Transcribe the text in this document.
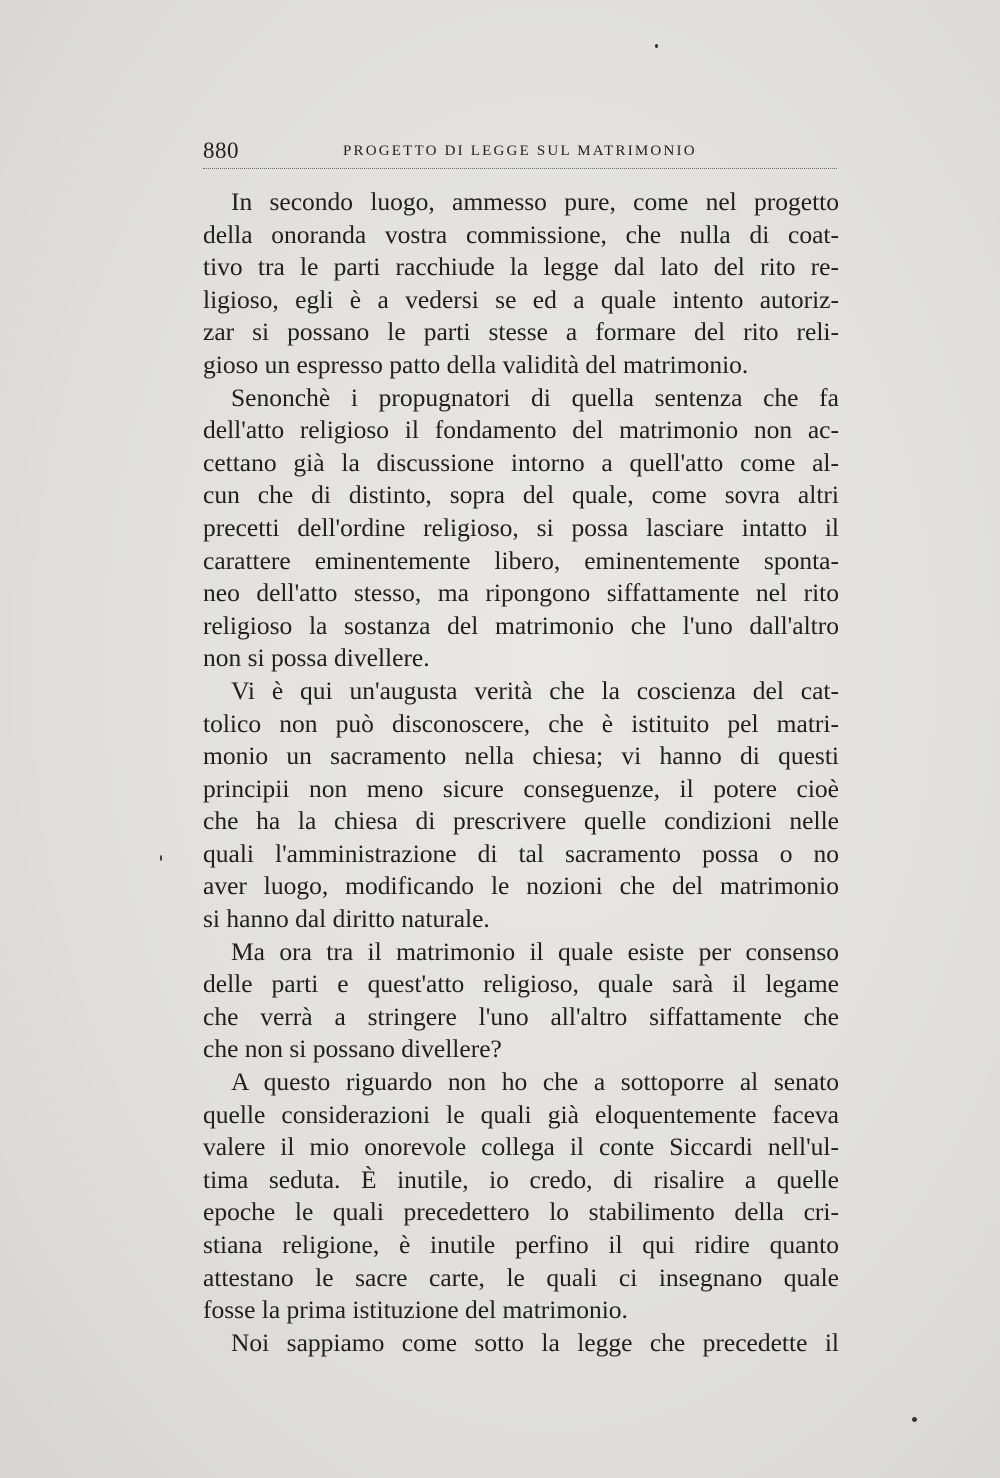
880	PROGETTO DI LEGGE SUL MATRIMONIO
In secondo luogo, ammesso pure, come nel progetto
della onoranda vostra commissione, che nulla di coat-
tivo tra le parti racchiude la legge dal lato del rito re-
ligioso, egli è a vedersi se ed a quale intento autoriz-
zar si possano le parti stesse a formare del rito reli-
gioso un espresso patto della validità del matrimonio.
Senonchè i propugnatori di quella sentenza che fa
dell'atto religioso il fondamento del matrimonio non ac-
cettano già la discussione intorno a quell'atto come al-
cun che di distinto, sopra del quale, come sovra altri
precetti dell'ordine religioso, si possa lasciare intatto il
carattere eminentemente libero, eminentemente sponta-
neo dell'atto stesso, ma ripongono siffattamente nel rito
religioso la sostanza del matrimonio che l'uno dall'altro
non si possa divellere.
Vi è qui un'augusta verità che la coscienza del cat-
tolico non può disconoscere, che è istituito pel matri-
monio un sacramento nella chiesa; vi hanno di questi
principii non meno sicure conseguenze, il potere cioè
che ha la chiesa di prescrivere quelle condizioni nelle
quali l'amministrazione di tal sacramento possa o no
aver luogo, modificando le nozioni che del matrimonio
si hanno dal diritto naturale.
Ma ora tra il matrimonio il quale esiste per consenso
delle parti e quest'atto religioso, quale sarà il legame
che verrà a stringere l'uno all'altro siffattamente che
che non si possano divellere?
A questo riguardo non ho che a sottoporre al senato
quelle considerazioni le quali già eloquentemente faceva
valere il mio onorevole collega il conte Siccardi nell'ul-
tima seduta. È inutile, io credo, di risalire a quelle
epoche le quali precedettero lo stabilimento della cri-
stiana religione, è inutile perfino il qui ridire quanto
attestano le sacre carte, le quali ci insegnano quale
fosse la prima istituzione del matrimonio.
Noi sappiamo come sotto la legge che precedette il
